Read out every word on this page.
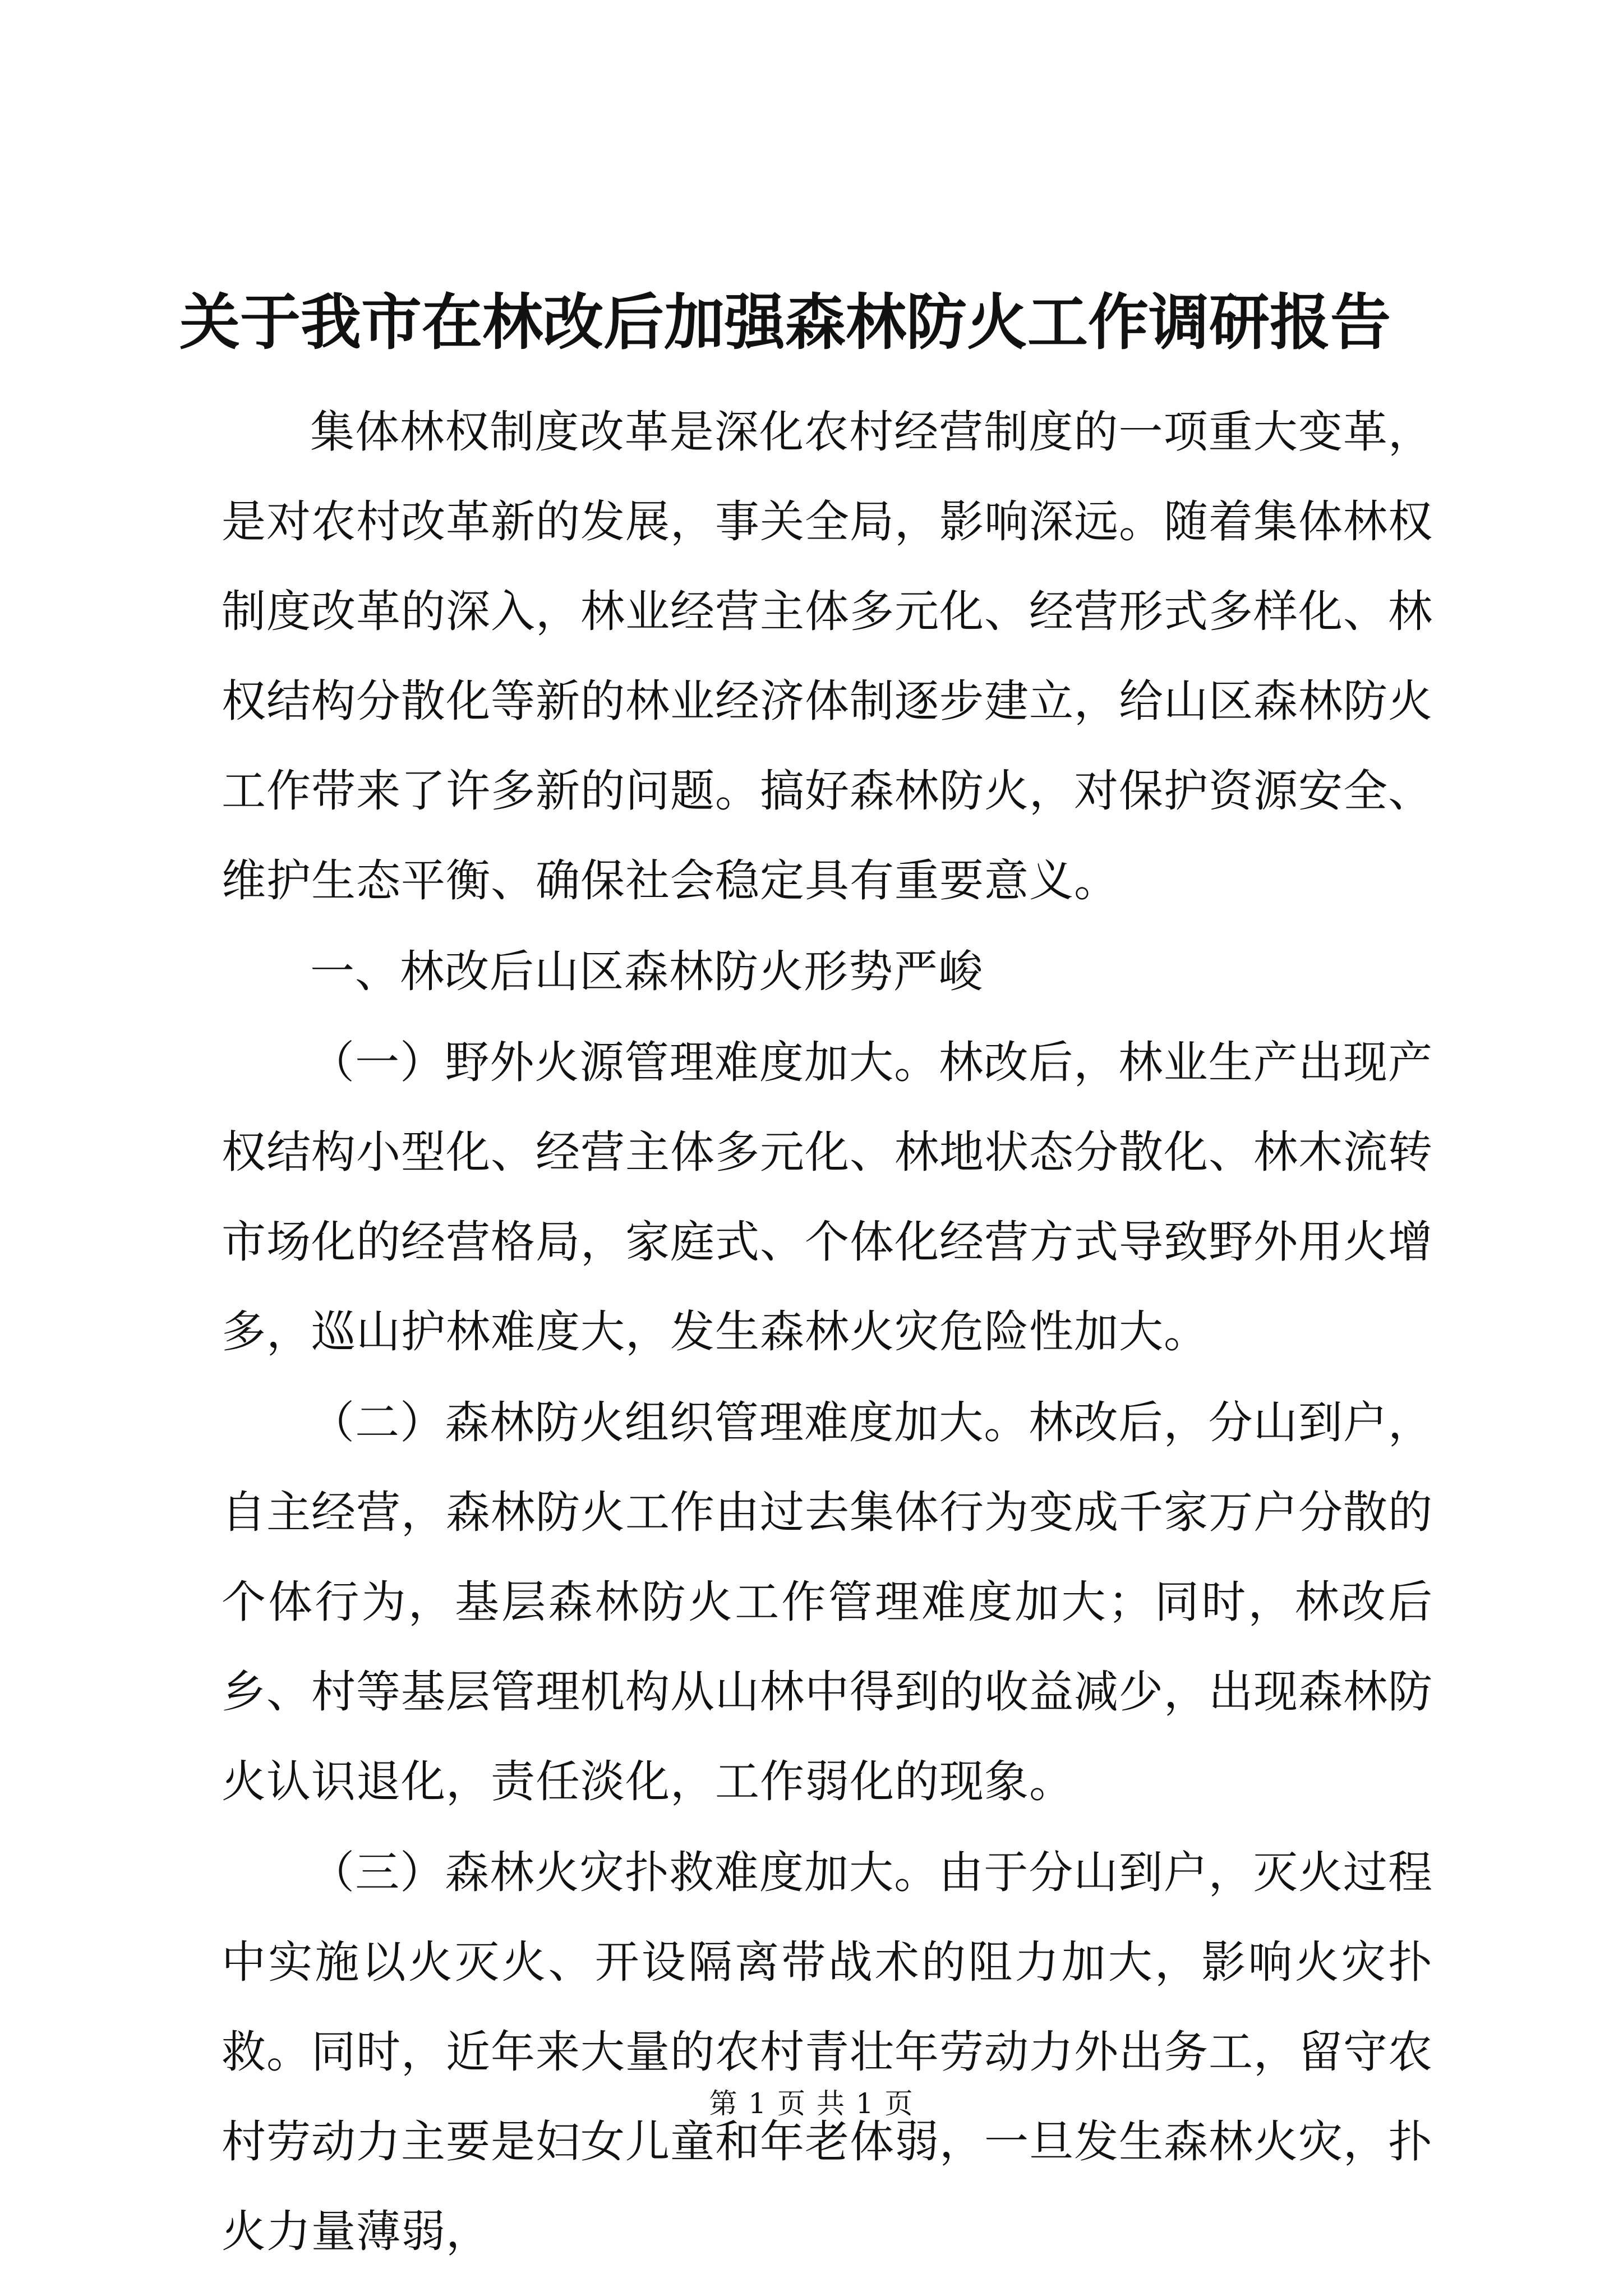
关于我市在林改后加强森林防火工作调研报告

集体林权制度改革是深化农村经营制度的一项重大变革，是对农村改革新的发展，事关全局，影响深远。随着集体林权制度改革的深入，林业经营主体多元化、经营形式多样化、林权结构分散化等新的林业经济体制逐步建立，给山区森林防火工作带来了许多新的问题。搞好森林防火，对保护资源安全、维护生态平衡、确保社会稳定具有重要意义。

一、林改后山区森林防火形势严峻

（一）野外火源管理难度加大。林改后，林业生产出现产权结构小型化、经营主体多元化、林地状态分散化、林木流转市场化的经营格局，家庭式、个体化经营方式导致野外用火增多，巡山护林难度大，发生森林火灾危险性加大。

（二）森林防火组织管理难度加大。林改后，分山到户，自主经营，森林防火工作由过去集体行为变成千家万户分散的个体行为，基层森林防火工作管理难度加大；同时，林改后乡、村等基层管理机构从山林中得到的收益减少，出现森林防火认识退化，责任淡化，工作弱化的现象。

（三）森林火灾扑救难度加大。由于分山到户，灭火过程中实施以火灭火、开设隔离带战术的阻力加大，影响火灾扑救。同时，近年来大量的农村青壮年劳动力外出务工，留守农村劳动力主要是妇女儿童和年老体弱，一旦发生森林火灾，扑火力量薄弱，

第 1 页 共 1 页
